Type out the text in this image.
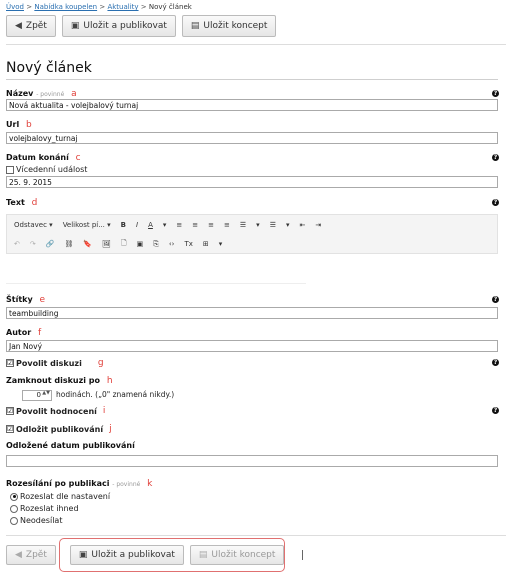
Úvod > Nabídka koupelen > Aktuality > Nový článek
◀ Zpět	▣ Uložit a publikovat	▤ Uložit koncept
Nový článek
Název - povinné a	?
Nová aktualita - volejbalový turnaj
Url b
volejbalovy_turnaj
Datum konání c	?
Vícedenní událost
25. 9. 2015
Text d	?
Odstavec ▾	Velikost pí... ▾	B	I	A	▾	≡	≡	≡	≡	☰	▾	☰	▾	⇤	⇥
↶	↷	🔗	⛓	🔖	🖼	🗋	▣	⎘	‹›	Tx	⊞	▾
Štítky e	?
teambuilding
Autor f
Jan Nový
☑ Povolit diskuzi g	?
Zamknout diskuzi po h
0 ▲▼ hodinách. („0" znamená nikdy.)
☑ Povolit hodnocení i	?
☑ Odložit publikování j
Odložené datum publikování
Rozesílání po publikaci - povinné k
Rozeslat dle nastavení
Rozeslat ihned
Neodesílat
◀ Zpět	▣ Uložit a publikovat	▤ Uložit koncept
